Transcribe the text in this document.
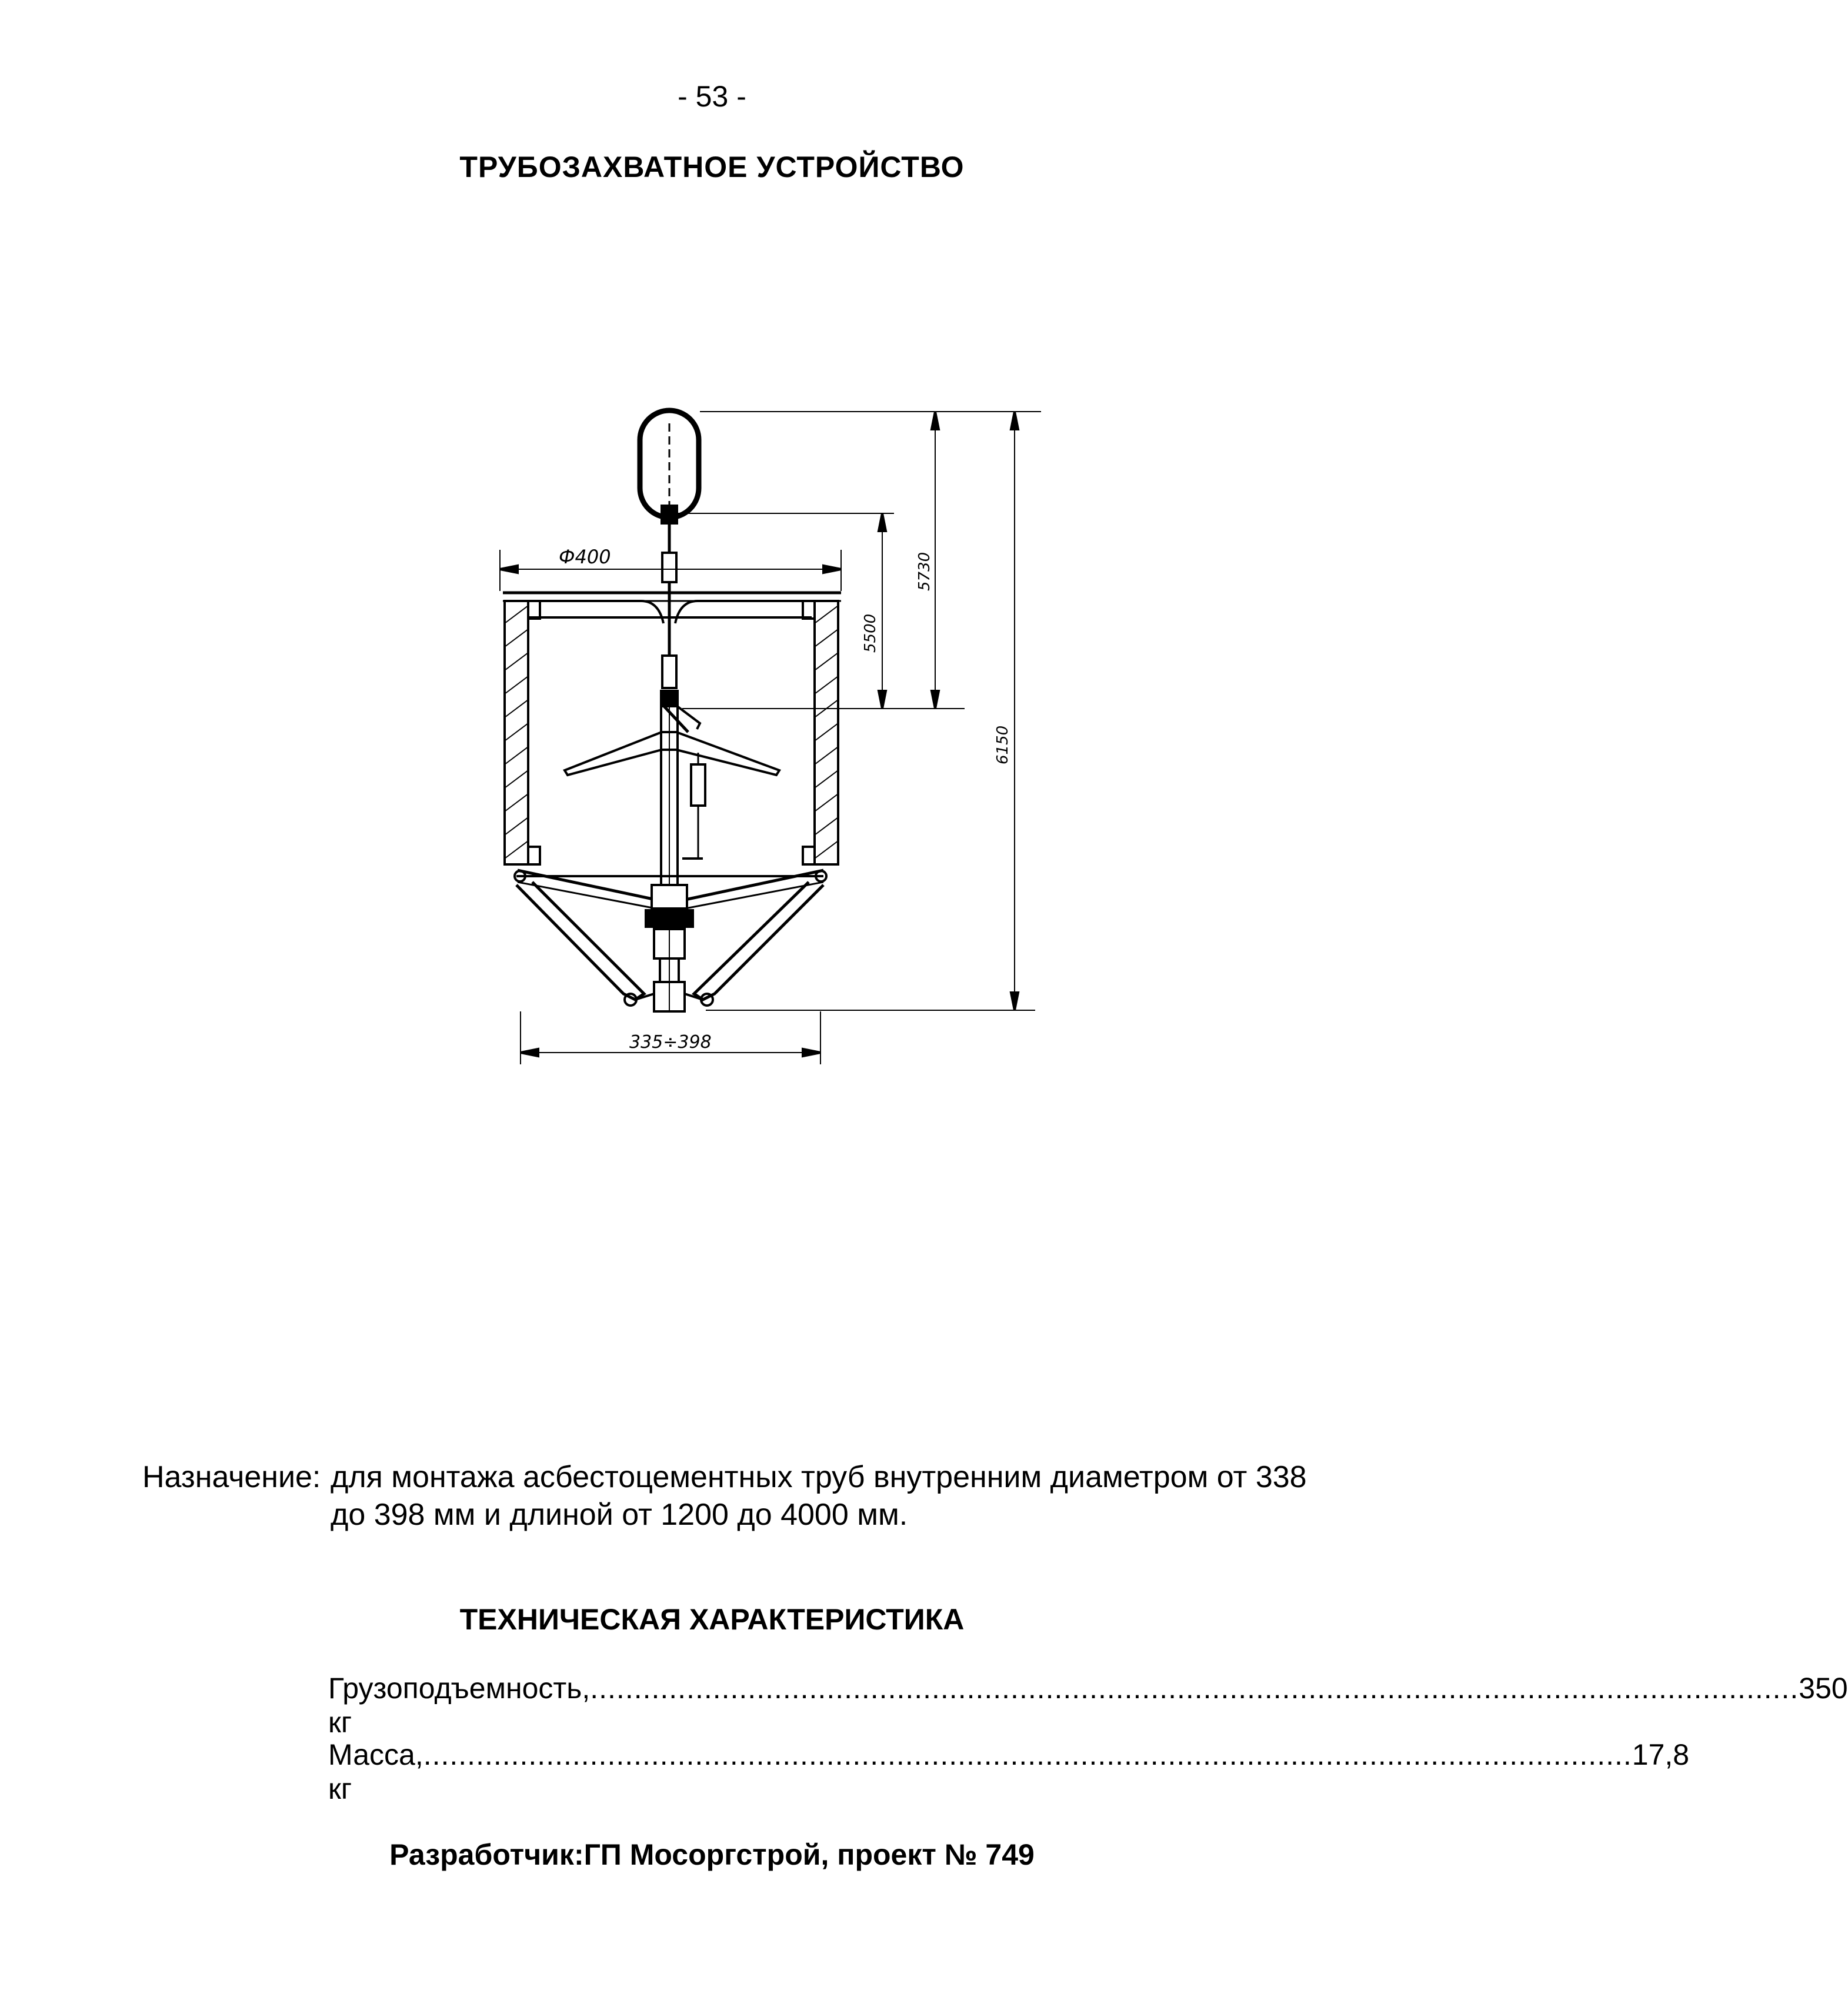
- 53 -
ТРУБОЗАХВАТНОЕ УСТРОЙСТВО
Ф400
335÷398
5500
5730
6150
Назначение: для монтажа асбестоцементных труб внутренним диаметром от 338 до 398 мм и длиной от 1200 до 4000 мм.
ТЕХНИЧЕСКАЯ ХАРАКТЕРИСТИКА
Грузоподъемность, кг
.......................................................................................................................................... 350
Масса, кг
.......................................................................................................................................... 17,8
Разработчик:ГП Мосоргстрой, проект № 749
